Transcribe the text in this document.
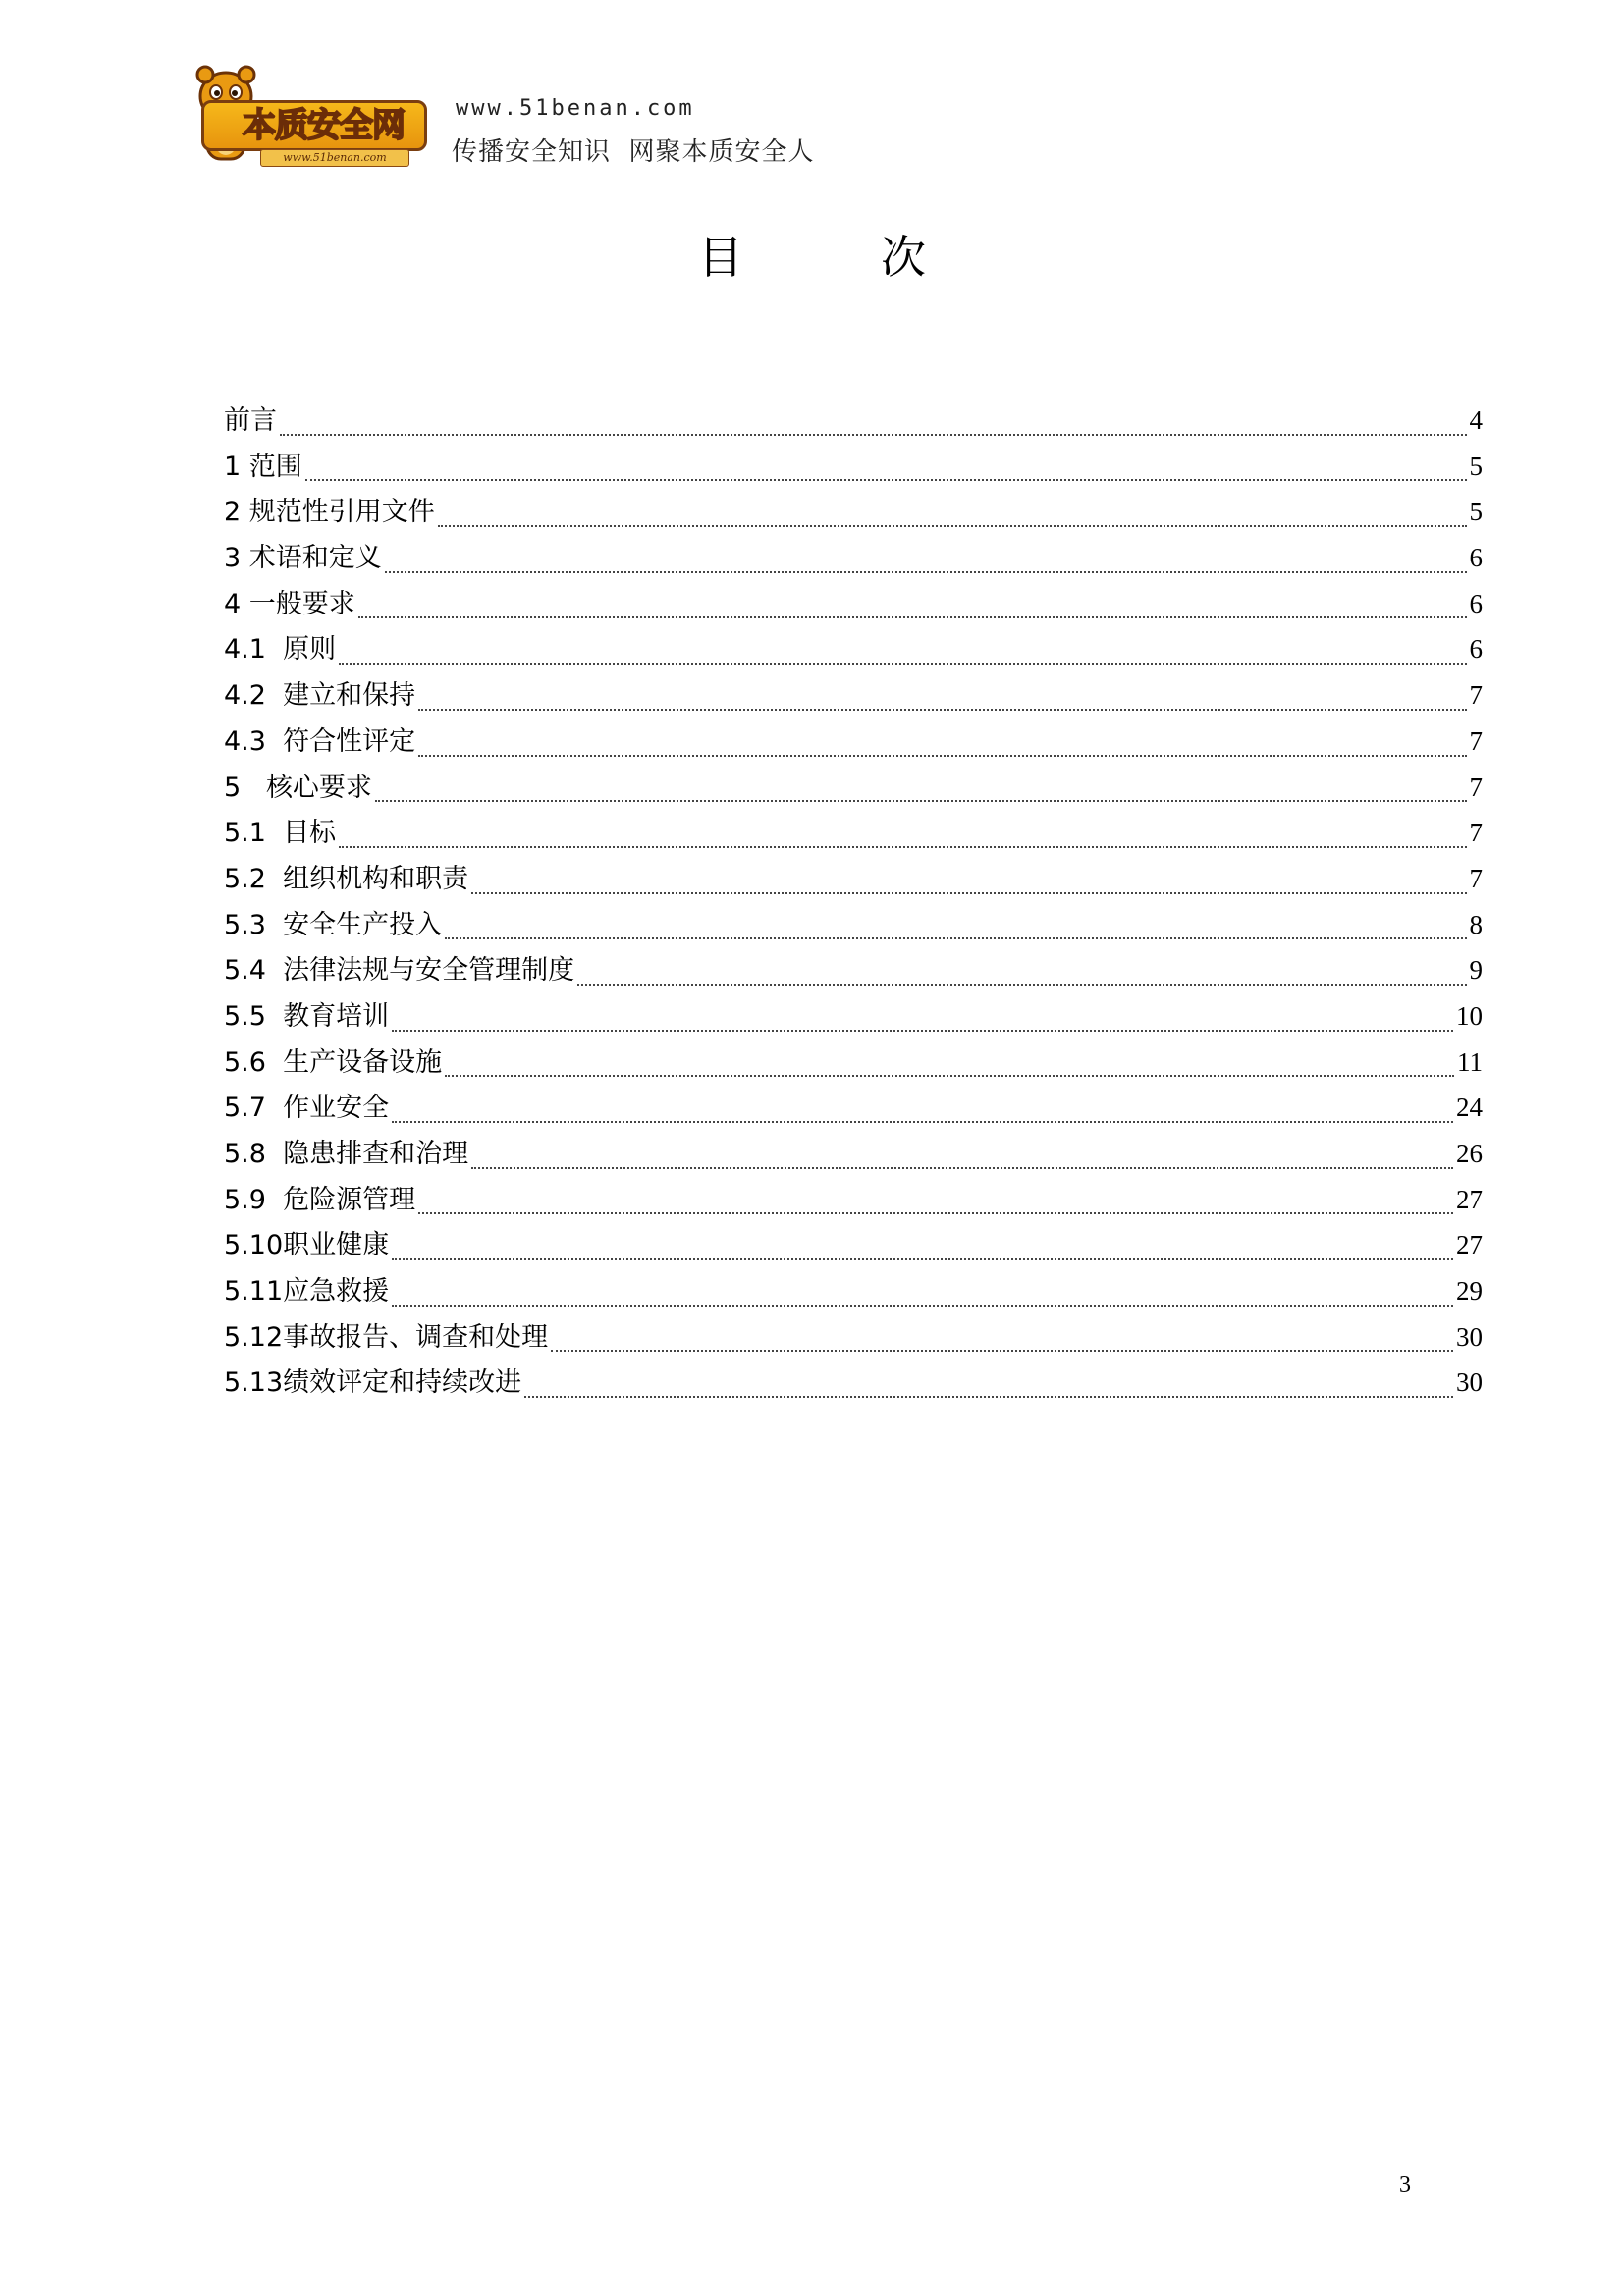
本质安全网
www.51benan.com
www.51benan.com
传播安全知识  网聚本质安全人
目	次
前言	4
1 范围	5
2 规范性引用文件	5
3 术语和定义	6
4 一般要求	6
4.1 原则	6
4.2 建立和保持	7
4.3 符合性评定	7
5 核心要求	7
5.1 目标	7
5.2 组织机构和职责	7
5.3 安全生产投入	8
5.4 法律法规与安全管理制度	9
5.5 教育培训	10
5.6 生产设备设施	11
5.7 作业安全	24
5.8 隐患排查和治理	26
5.9 危险源管理	27
5.10 职业健康	27
5.11 应急救援	29
5.12 事故报告、调查和处理	30
5.13 绩效评定和持续改进	30
3
